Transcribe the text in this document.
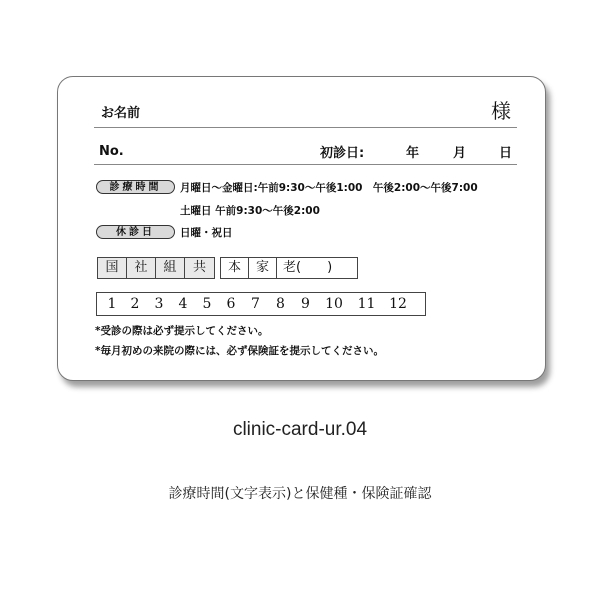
お名前	様
No.	初診日:	年	月	日
診療時間	月曜日〜金曜日:午前9:30〜午後1:00　午後2:00〜午後7:00
土曜日 午前9:30〜午後2:00
休診日	日曜・祝日
国	社	組	共	本	家	老(　　)
1	2	3	4	5	6	7	8	9	10	11 12
*受診の際は必ず提示してください。
*毎月初めの来院の際には、必ず保険証を提示してください。
clinic-card-ur.04
診療時間(文字表示)と保健種・保険証確認
